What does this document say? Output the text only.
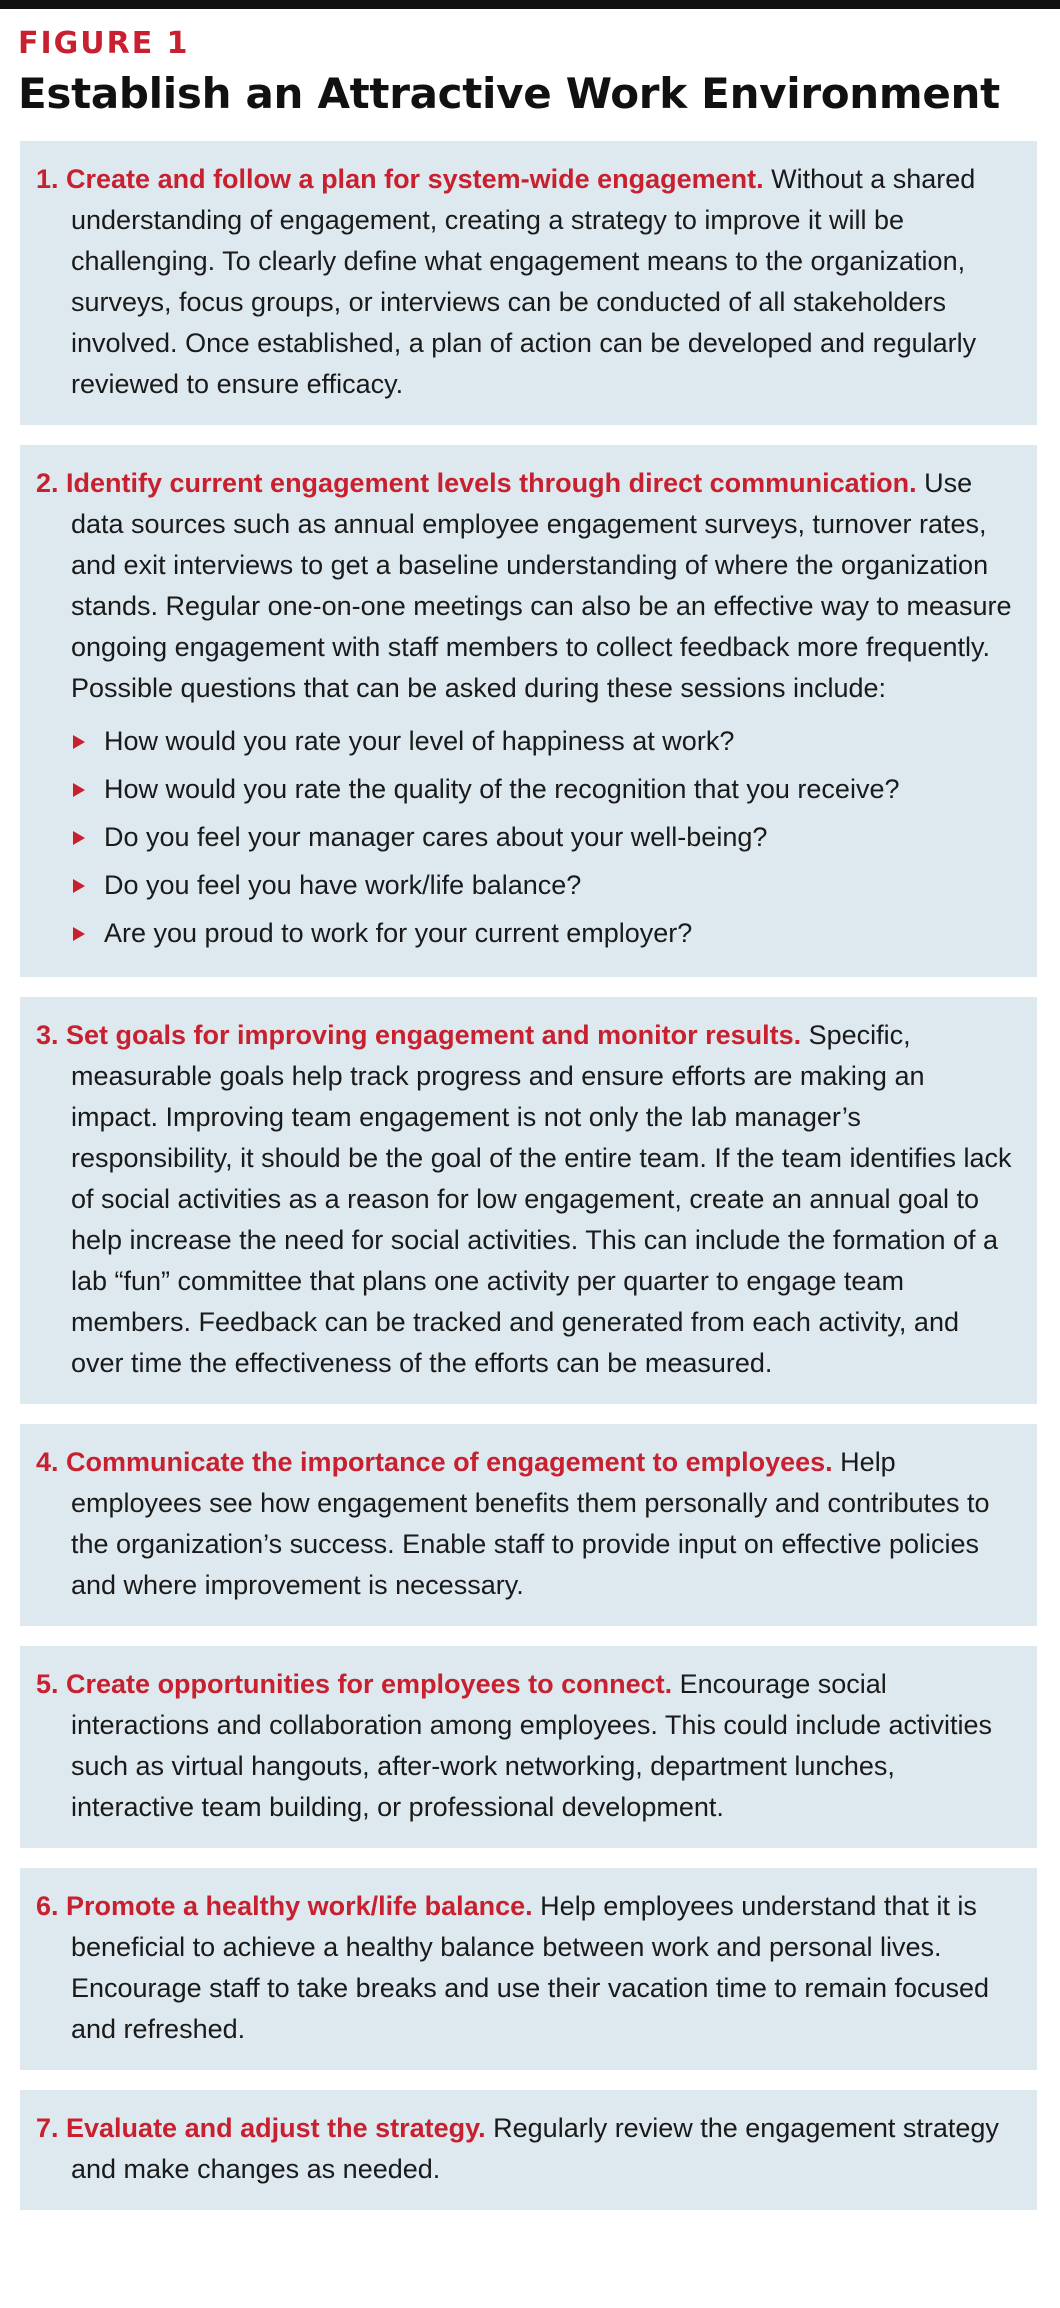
FIGURE 1
Establish an Attractive Work Environment

1. Create and follow a plan for system-wide engagement. Without a shared understanding of engagement, creating a strategy to improve it will be challenging. To clearly define what engagement means to the organization, surveys, focus groups, or interviews can be conducted of all stakeholders involved. Once established, a plan of action can be developed and regularly reviewed to ensure efficacy.

2. Identify current engagement levels through direct communication. Use data sources such as annual employee engagement surveys, turnover rates, and exit interviews to get a baseline understanding of where the organization stands. Regular one-on-one meetings can also be an effective way to measure ongoing engagement with staff members to collect feedback more frequently. Possible questions that can be asked during these sessions include:

How would you rate your level of happiness at work?
How would you rate the quality of the recognition that you receive?
Do you feel your manager cares about your well-being?
Do you feel you have work/life balance?
Are you proud to work for your current employer?

3. Set goals for improving engagement and monitor results. Specific, measurable goals help track progress and ensure efforts are making an impact. Improving team engagement is not only the lab manager’s responsibility, it should be the goal of the entire team. If the team identifies lack of social activities as a reason for low engagement, create an annual goal to help increase the need for social activities. This can include the formation of a lab “fun” committee that plans one activity per quarter to engage team members. Feedback can be tracked and generated from each activity, and over time the effectiveness of the efforts can be measured.

4. Communicate the importance of engagement to employees. Help employees see how engagement benefits them personally and contributes to the organization’s success. Enable staff to provide input on effective policies and where improvement is necessary.

5. Create opportunities for employees to connect. Encourage social interactions and collaboration among employees. This could include activities such as virtual hangouts, after-work networking, department lunches, interactive team building, or professional development.

6. Promote a healthy work/life balance. Help employees understand that it is beneficial to achieve a healthy balance between work and personal lives. Encourage staff to take breaks and use their vacation time to remain focused and refreshed.

7. Evaluate and adjust the strategy. Regularly review the engagement strategy and make changes as needed.
